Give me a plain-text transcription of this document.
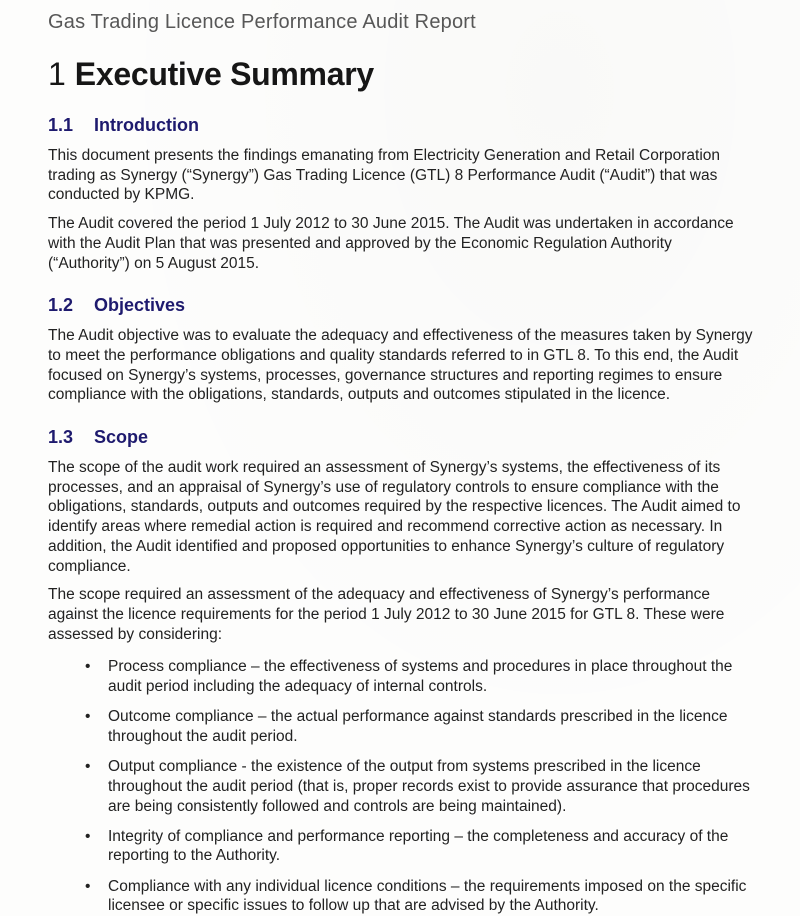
Gas Trading Licence Performance Audit Report
1 Executive Summary
1.1	Introduction

This document presents the findings emanating from Electricity Generation and Retail Corporation trading as Synergy (“Synergy”) Gas Trading Licence (GTL) 8 Performance Audit (“Audit”) that was conducted by KPMG.

The Audit covered the period 1 July 2012 to 30 June 2015. The Audit was undertaken in accordance with the Audit Plan that was presented and approved by the Economic Regulation Authority (“Authority”) on 5 August 2015.

1.2	Objectives

The Audit objective was to evaluate the adequacy and effectiveness of the measures taken by Synergy to meet the performance obligations and quality standards referred to in GTL 8. To this end, the Audit focused on Synergy’s systems, processes, governance structures and reporting regimes to ensure compliance with the obligations, standards, outputs and outcomes stipulated in the licence.

1.3	Scope

The scope of the audit work required an assessment of Synergy’s systems, the effectiveness of its processes, and an appraisal of Synergy’s use of regulatory controls to ensure compliance with the obligations, standards, outputs and outcomes required by the respective licences. The Audit aimed to identify areas where remedial action is required and recommend corrective action as necessary. In addition, the Audit identified and proposed opportunities to enhance Synergy’s culture of regulatory compliance.

The scope required an assessment of the adequacy and effectiveness of Synergy’s performance against the licence requirements for the period 1 July 2012 to 30 June 2015 for GTL 8. These were assessed by considering:

• Process compliance – the effectiveness of systems and procedures in place throughout the audit period including the adequacy of internal controls.
• Outcome compliance – the actual performance against standards prescribed in the licence throughout the audit period.
• Output compliance - the existence of the output from systems prescribed in the licence throughout the audit period (that is, proper records exist to provide assurance that procedures are being consistently followed and controls are being maintained).
• Integrity of compliance and performance reporting – the completeness and accuracy of the reporting to the Authority.
• Compliance with any individual licence conditions – the requirements imposed on the specific licensee or specific issues to follow up that are advised by the Authority.
